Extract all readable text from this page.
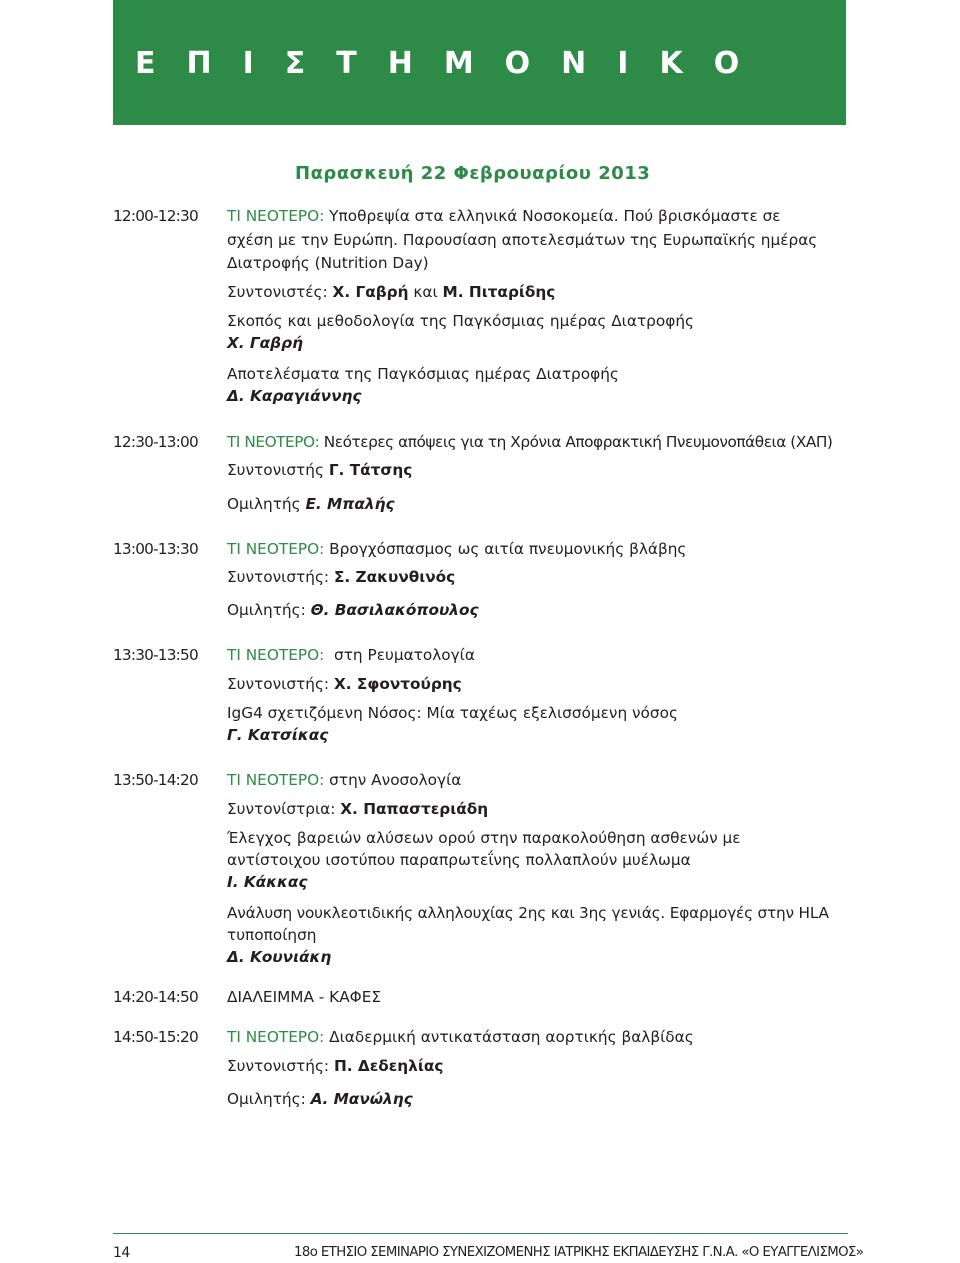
ΕΠΙΣΤΗΜΟΝΙΚΟ
Παρασκευή 22 Φεβρουαρίου 2013
12:00-12:30 ΤΙ ΝΕΟΤΕΡΟ: Υποθρεψία στα ελληνικά Νοσοκομεία. Πού βρισκόμαστε σε
σχέση με την Ευρώπη. Παρουσίαση αποτελεσμάτων της Ευρωπαϊκής ημέρας
Διατροφής (Nutrition Day)
Συντονιστές: Χ. Γαβρή και Μ. Πιταρίδης
Σκοπός και μεθοδολογία της Παγκόσμιας ημέρας Διατροφής
Χ. Γαβρή
Αποτελέσματα της Παγκόσμιας ημέρας Διατροφής
Δ. Καραγιάννης
12:30-13:00 ΤΙ ΝΕΟΤΕΡΟ: Νεότερες απόψεις για τη Χρόνια Αποφρακτική Πνευμονοπάθεια (ΧΑΠ)
Συντονιστής Γ. Τάτσης
Ομιλητής Ε. Μπαλής
13:00-13:30 ΤΙ ΝΕΟΤΕΡΟ: Βρογχόσπασμος ως αιτία πνευμονικής βλάβης
Συντονιστής: Σ. Ζακυνθινός
Ομιλητής: Θ. Βασιλακόπουλος
13:30-13:50 ΤΙ ΝΕΟΤΕΡΟ: στη Ρευματολογία
Συντονιστής: Χ. Σφοντούρης
IgG4 σχετιζόμενη Νόσος: Μία ταχέως εξελισσόμενη νόσος
Γ. Κατσίκας
13:50-14:20 ΤΙ ΝΕΟΤΕΡΟ: στην Ανοσολογία
Συντονίστρια: Χ. Παπαστεριάδη
Έλεγχος βαρειών αλύσεων ορού στην παρακολούθηση ασθενών με
αντίστοιχου ισοτύπου παραπρωτεΐνης πολλαπλούν μυέλωμα
Ι. Κάκκας
Ανάλυση νουκλεοτιδικής αλληλουχίας 2ης και 3ης γενιάς. Εφαρμογές στην HLA
τυποποίηση
Δ. Κουνιάκη
14:20-14:50 ΔΙΑΛΕΙΜΜΑ - ΚΑΦΕΣ
14:50-15:20 ΤΙ ΝΕΟΤΕΡΟ: Διαδερμική αντικατάσταση αορτικής βαλβίδας
Συντονιστής: Π. Δεδεηλίας
Ομιλητής: Α. Μανώλης
14	18ο ΕΤΗΣΙΟ ΣΕΜΙΝΑΡΙΟ ΣΥΝΕΧΙΖΟΜΕΝΗΣ ΙΑΤΡΙΚΗΣ ΕΚΠΑΙΔΕΥΣΗΣ Γ.Ν.Α. «Ο ΕΥΑΓΓΕΛΙΣΜΟΣ»
